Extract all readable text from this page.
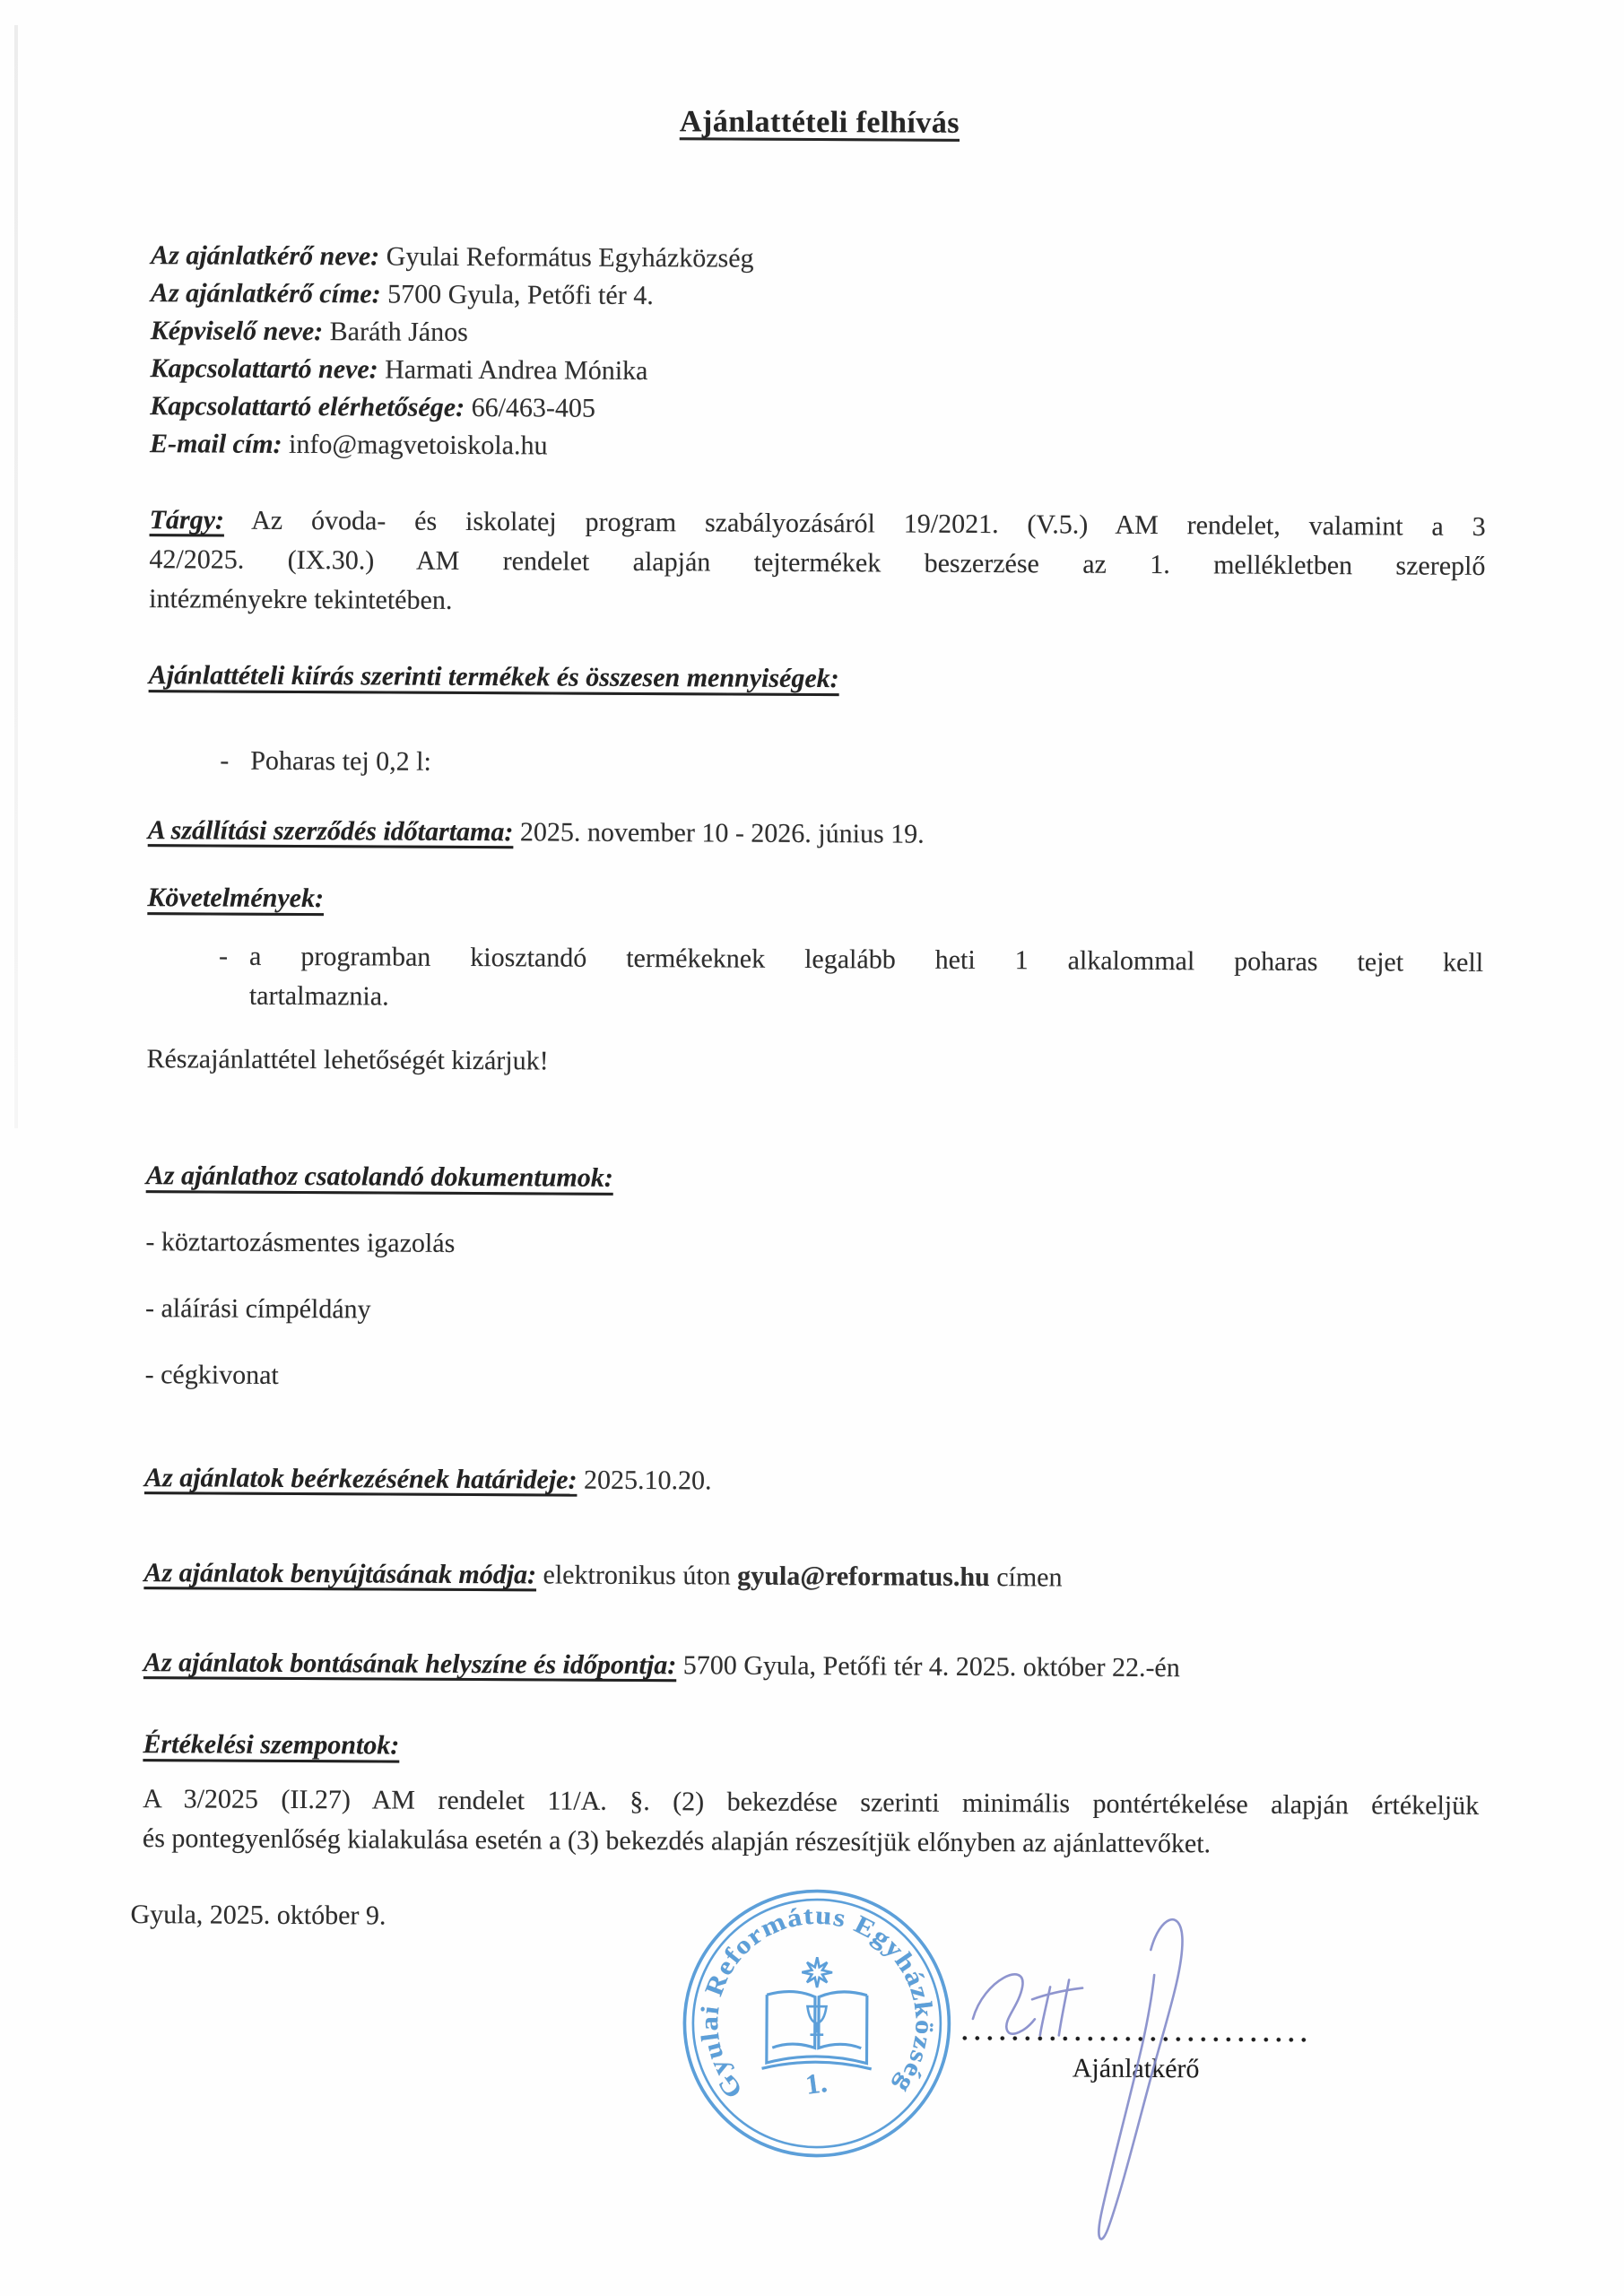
Ajánlattételi felhívás
Az ajánlatkérő neve: Gyulai Református Egyházközség
Az ajánlatkérő címe: 5700 Gyula, Petőfi tér 4.
Képviselő neve: Baráth János
Kapcsolattartó neve: Harmati Andrea Mónika
Kapcsolattartó elérhetősége: 66/463-405
E-mail cím: info@magvetoiskola.hu
Tárgy: Az óvoda- és iskolatej program szabályozásáról 19/2021. (V.5.) AM rendelet, valamint a 3
42/2025. (IX.30.) AM rendelet alapján tejtermékek beszerzése az 1. mellékletben szereplő
intézményekre tekintetében.
Ajánlattételi kiírás szerinti termékek és összesen mennyiségek:
- Poharas tej 0,2 l:
A szállítási szerződés időtartama: 2025. november 10 - 2026. június 19.
Követelmények:
- a programban kiosztandó termékeknek legalább heti 1 alkalommal poharas tejet kell
tartalmaznia.
Részajánlattétel lehetőségét kizárjuk!
Az ajánlathoz csatolandó dokumentumok:
- köztartozásmentes igazolás
- aláírási címpéldány
- cégkivonat
Az ajánlatok beérkezésének határideje: 2025.10.20.
Az ajánlatok benyújtásának módja: elektronikus úton gyula@reformatus.hu címen
Az ajánlatok bontásának helyszíne és időpontja: 5700 Gyula, Petőfi tér 4. 2025. október 22.-én
Értékelési szempontok:
A 3/2025 (II.27) AM rendelet 11/A. §. (2) bekezdése szerinti minimális pontértékelése alapján értékeljük
és pontegyenlőség kialakulása esetén a (3) bekezdés alapján részesítjük előnyben az ajánlattevőket.
Gyula, 2025. október 9.
Gyulai Református Egyházközség
1.	Ajánlatkérő
